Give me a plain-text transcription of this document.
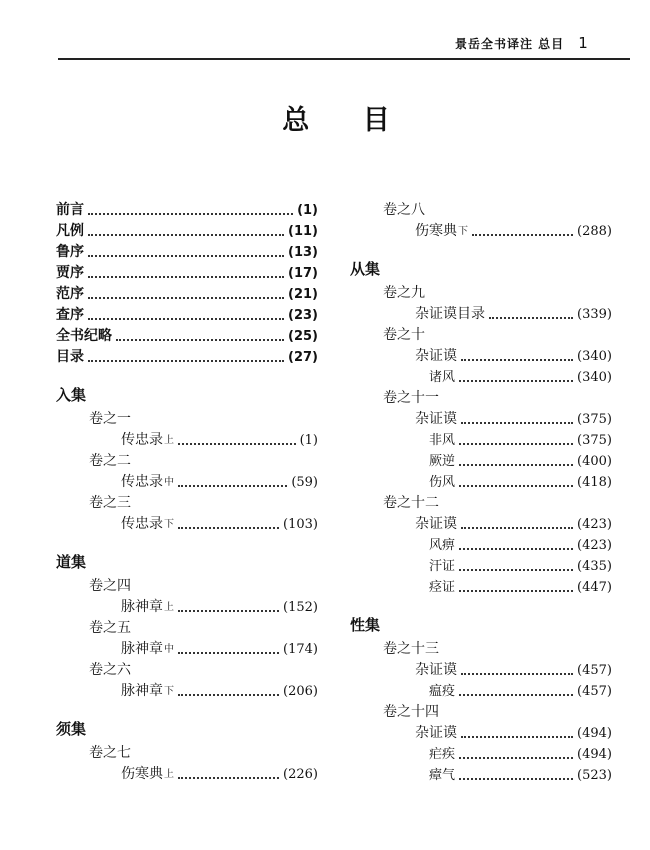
景岳全书译注 总目 1
总 目
前言	(1)
凡例	(11)
鲁序	(13)
贾序	(17)
范序	(21)
查序	(23)
全书纪略	(25)
目录	(27)
入集
卷之一
传忠录 上	(1)
卷之二
传忠录 中	(59)
卷之三
传忠录 下	(103)
道集
卷之四
脉神章 上	(152)
卷之五
脉神章 中	(174)
卷之六
脉神章 下	(206)
须集
卷之七
伤寒典 上	(226)
卷之八
伤寒典 下	(288)
从集
卷之九
杂证谟目录	(339)
卷之十
杂证谟	(340)
诸风	(340)
卷之十一
杂证谟	(375)
非风	(375)
厥逆	(400)
伤风	(418)
卷之十二
杂证谟	(423)
风痹	(423)
汗证	(435)
痉证	(447)
性集
卷之十三
杂证谟	(457)
瘟疫	(457)
卷之十四
杂证谟	(494)
疟疾	(494)
瘴气	(523)
